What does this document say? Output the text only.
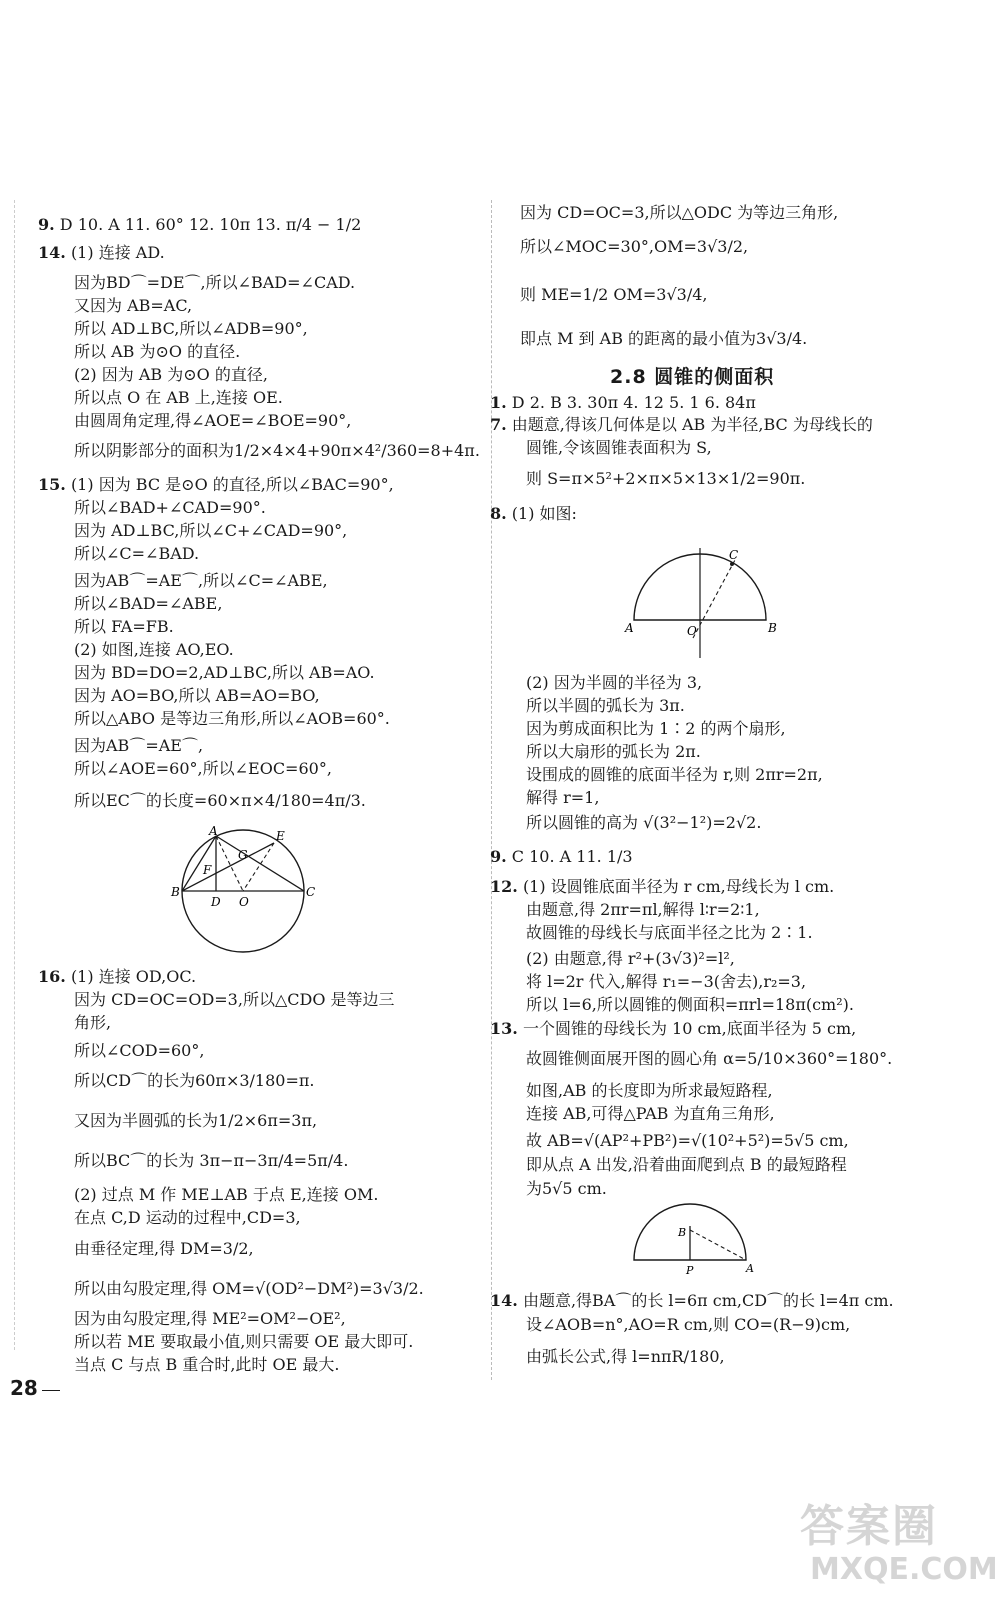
9. D 10. A 11. 60° 12. 10π 13. π/4 − 1/2
14. (1) 连接 AD.
因为BD⌒=DE⌒,所以∠BAD=∠CAD.
又因为 AB=AC,
所以 AD⊥BC,所以∠ADB=90°,
所以 AB 为⊙O 的直径.
(2) 因为 AB 为⊙O 的直径,
所以点 O 在 AB 上,连接 OE.
由圆周角定理,得∠AOE=∠BOE=90°,
所以阴影部分的面积为1/2×4×4+90π×4²/360=8+4π.
15. (1) 因为 BC 是⊙O 的直径,所以∠BAC=90°,
所以∠BAD+∠CAD=90°.
因为 AD⊥BC,所以∠C+∠CAD=90°,
所以∠C=∠BAD.
因为AB⌒=AE⌒,所以∠C=∠ABE,
所以∠BAD=∠ABE,
所以 FA=FB.
(2) 如图,连接 AO,EO.
因为 BD=DO=2,AD⊥BC,所以 AB=AO.
因为 AO=BO,所以 AB=AO=BO,
所以△ABO 是等边三角形,所以∠AOB=60°.
因为AB⌒=AE⌒,
所以∠AOE=60°,所以∠EOC=60°,
所以EC⌒的长度=60×π×4/180=4π/3.
A	E
G
F
B
D O
C
16. (1) 连接 OD,OC.
因为 CD=OC=OD=3,所以△CDO 是等边三
角形,
所以∠COD=60°,
所以CD⌒的长为60π×3/180=π.
又因为半圆弧的长为1/2×6π=3π,
所以BC⌒的长为 3π−π−3π/4=5π/4.
(2) 过点 M 作 ME⊥AB 于点 E,连接 OM.
在点 C,D 运动的过程中,CD=3,
由垂径定理,得 DM=3/2,
所以由勾股定理,得 OM=√(OD²−DM²)=3√3/2.
因为由勾股定理,得 ME²=OM²−OE²,
所以若 ME 要取最小值,则只需要 OE 最大即可.
当点 C 与点 B 重合时,此时 OE 最大.
因为 CD=OC=3,所以△ODC 为等边三角形,
所以∠MOC=30°,OM=3√3/2,
则 ME=1/2 OM=3√3/4,
即点 M 到 AB 的距离的最小值为3√3/4.
2.8 圆锥的侧面积
1. D 2. B 3. 30π 4. 12 5. 1 6. 84π
7. 由题意,得该几何体是以 AB 为半径,BC 为母线长的
圆锥,令该圆锥表面积为 S,
则 S=π×5²+2×π×5×13×1/2=90π.
8. (1) 如图:
C
A	O	B
(2) 因为半圆的半径为 3,
所以半圆的弧长为 3π.
因为剪成面积比为 1∶2 的两个扇形,
所以大扇形的弧长为 2π.
设围成的圆锥的底面半径为 r,则 2πr=2π,
解得 r=1,
所以圆锥的高为 √(3²−1²)=2√2.
9. C 10. A 11. 1/3
12. (1) 设圆锥底面半径为 r cm,母线长为 l cm.
由题意,得 2πr=πl,解得 l∶r=2∶1,
故圆锥的母线长与底面半径之比为 2∶1.
(2) 由题意,得 r²+(3√3)²=l²,
将 l=2r 代入,解得 r₁=−3(舍去),r₂=3,
所以 l=6,所以圆锥的侧面积=πrl=18π(cm²).
13. 一个圆锥的母线长为 10 cm,底面半径为 5 cm,
故圆锥侧面展开图的圆心角 α=5/10×360°=180°.
如图,AB 的长度即为所求最短路程,
连接 AB,可得△PAB 为直角三角形,
故 AB=√(AP²+PB²)=√(10²+5²)=5√5 cm,
即从点 A 出发,沿着曲面爬到点 B 的最短路程
为5√5 cm.
B
P	A
14. 由题意,得BA⌒的长 l=6π cm,CD⌒的长 l=4π cm.
设∠AOB=n°,AO=R cm,则 CO=(R−9)cm,
由弧长公式,得 l=nπR/180,
28
答案圈
MXQE.COM
